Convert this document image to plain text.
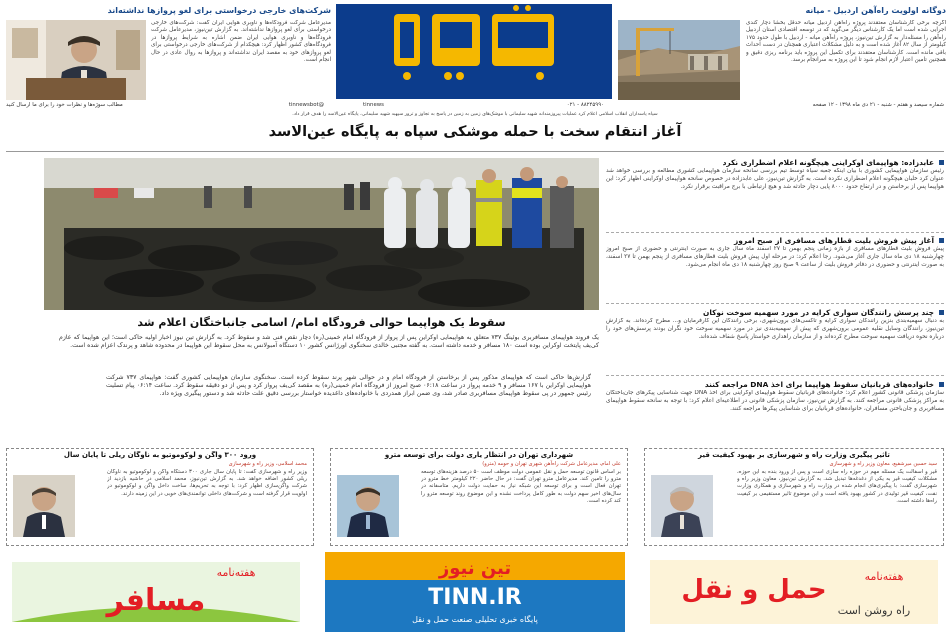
دوگانه اولویت راه‌آهن اردبیل - میانه
اگرچه برخی کارشناسان معتقدند پروژه راه‌آهن اردبیل میانه حدقل بخشا دچار کندی اجرایی شده است اما یک کارشناس دیگر می‌گوید که در توسعه اقتصادی استان اردبیل راه‌آهن را مسئله‌دار به گزارش تین‌نیوز، پروژه راه‌آهن میانه - اردبیل با طول حدود ۱۷۵ کیلومتر از سال ۸۲ آغاز شده است و به دلیل مشکلات اعتباری همچنان در دست احداث باقی مانده است. کارشناسان معتقدند برای تکمیل این پروژه باید برنامه ریزی دقیق و همچنین تامین اعتبار لازم انجام شود تا این پروژه به سرانجام برسد.
شرکت‌های خارجی درخواستی برای لغو پروازها نداشته‌اند
مدیرعامل شرکت فرودگاه‌ها و ناوبری هوایی ایران گفت: شرکت‌های خارجی درخواستی برای لغو پروازها نداشته‌اند. به گزارش تین‌نیوز، مدیرعامل شرکت فرودگاه‌ها و ناوبری هوایی ایران ضمن اشاره به شرایط پروازها در فرودگاه‌های کشور اظهار کرد: هیچکدام از شرکت‌های خارجی درخواستی برای لغو پروازهای خود به مقصد ایران نداشته‌اند و پروازها به روال عادی در حال انجام است.
شماره سیصد و هفتم - شنبه - ۲۱ دی ماه ۱۳۹۸ - ۱۲ صفحه
۸۸۲۴۵۹۹۰ - ۰۲۱
tinnews
@tinnewsbot
مطالب سوژه‌ها و نظرات خود را برای ما ارسال کنید
سپاه پاسداران انقلاب اسلامی اعلام کرد عملیات پیروزمندانه شهید سلیمانی با موشک‌های زمین به زمین در پاسخ به تجاوز و ترور سپهبد شهید سلیمانی، پایگاه عین‌الاسد را هدف قرار داد.
آغاز انتقام سخت با حمله موشکی سپاه به پایگاه عین‌الاسد
سقوط یک هواپیما حوالی فرودگاه امام/ اسامی جانباختگان اعلام شد
یک فروند هواپیمای مسافربری بوئینگ ۷۳۷ متعلق به هواپیمایی اوکراین پس از پرواز از فرودگاه امام خمینی(ره) دچار نقص فنی شد و سقوط کرد. به گزارش تین نیوز اخبار اولیه حاکی است؛ این هواپیما که عازم کی‌یف پایتخت اوکراین بوده است ۱۸۰ مسافر و خدمه داشته است. به گفته مجتبی خالدی سخنگوی اورژانس کشور ۱۰ دستگاه آمبولانس به محل سقوط این هواپیما در محدوده شاهد و پرندک اعزام شده است.
گزارش‌ها حاکی است که هواپیمای مذکور پس از برخاستن از فرودگاه امام و در حوالی شهر پرند سقوط کرده است. سخنگوی سازمان هواپیمایی کشوری گفت: هواپیمای ۷۳۷ شرکت هواپیمایی اوکراین با ۱۶۷ مسافر و ۹ خدمه پرواز در ساعت ۰۶:۱۸ صبح امروز از فرودگاه امام خمینی(ره) به مقصد کی‌یف پرواز کرد و پس از دو دقیقه سقوط کرد. ساعت ۰۶:۱۴ پیام تسلیت رئیس جمهور در پی سقوط هواپیمای مسافربری صادر شد، وی ضمن ابراز همدردی با خانواده‌های داغدیده خواستار بررسی دقیق علت حادثه شد و دستور پیگیری ویژه داد.
عابدزاده: هواپیمای اوکراینی هیچگونه اعلام اضطراری نکرد
رئیس سازمان هواپیمایی کشوری با بیان اینکه جعبه سیاه توسط تیم بررسی سانحه سازمان هواپیمایی کشوری مطالعه و بررسی خواهد شد عنوان کرد خلبان هیچگونه اعلام اضطراری نکرده است. به گزارش تین‌نیوز، علی عابدزاده در خصوص سانحه هواپیمای اوکراینی اظهار کرد: این هواپیما پس از برخاستن و در ارتفاع حدود ۸۰۰۰ پایی دچار حادثه شد و هیچ ارتباطی با برج مراقبت برقرار نکرد.
آغاز پیش فروش بلیت قطارهای مسافری از صبح امروز
پیش فروش بلیت قطارهای مسافری از بازه زمانی پنجم بهمن تا ۲۷ اسفند ماه سال جاری به صورت اینترنتی و حضوری از صبح امروز چهارشنبه ۱۸ دی ماه سال جاری آغاز می‌شود. رجا اعلام کرد: در مرحله اول پیش فروش بلیت قطارهای مسافری از پنجم بهمن تا ۲۷ اسفند، به صورت اینترنتی و حضوری در دفاتر فروش بلیت از ساعت ۹ صبح روز چهارشنبه ۱۸ دی ماه انجام می‌شود.
چند پرسش رانندگان سواری کرایه در مورد سهمیه سوخت نوکان
به دنبال سهمیه‌بندی بنزین رانندگان سواری کرایه و تاکسی‌های برون‌شهری، برخی رانندگان این کارفرمایان و... مطرح کرده‌اند. به گزارش تین‌نیوز، رانندگان وسایل نقلیه عمومی برون‌شهری که پیش از سهمیه‌بندی نیز در مورد سهمیه سوخت خود نگران بودند پرسش‌های خود را درباره نحوه دریافت سهمیه سوخت مطرح کرده‌اند و از سازمان راهداری خواستار پاسخ شفاف شده‌اند.
خانواده‌های قربانیان سقوط هواپیما برای اخذ DNA مراجعه کنند
سازمان پزشکی قانونی کشور اعلام کرد: خانواده‌های قربانیان سقوط هواپیمای اوکراینی برای اخذ DNA جهت شناسایی پیکرهای جان‌باختگان به مراکز پزشکی قانونی مراجعه کنند. به گزارش تین‌نیوز، سازمان پزشکی قانونی در اطلاعیه‌ای اعلام کرد: با توجه به سانحه سقوط هواپیمای مسافربری و جان‌باختن مسافران، خانواده‌های قربانیان برای شناسایی پیکرها مراجعه کنند.
تاثیر پیگیری وزارت راه و شهرسازی بر بهبود کیفیت قیر
سید حسین میرشفیع، معاون وزیر راه و شهرسازی
قیر و آسفالت یک مسئله مهم در حوزه راه سازی است و پس از ورود بنده به این حوزه، مشکلات کیفیت قیر به یکی از دغدغه‌ها تبدیل شد. به گزارش تین‌نیوز، معاون وزیر راه و شهرسازی گفت: با پیگیری‌های انجام شده در وزارت راه و شهرسازی و همکاری وزارت نفت، کیفیت قیر تولیدی در کشور بهبود یافته است و این موضوع تاثیر مستقیمی بر کیفیت راه‌ها داشته است.
شهرداری تهران در انتظار یاری دولت برای توسعه مترو
علی امام، مدیرعامل شرکت راه‌آهن شهری تهران و حومه (مترو)
بر اساس قانون توسعه حمل و نقل عمومی دولت موظف است ۵۰ درصد هزینه‌های توسعه مترو را تامین کند. مدیرعامل مترو تهران گفت: در حال حاضر ۲۲۰ کیلومتر خط مترو در تهران فعال است و برای توسعه این شبکه نیاز به حمایت دولت داریم. متاسفانه در سال‌های اخیر سهم دولت به طور کامل پرداخت نشده و این موضوع روند توسعه مترو را کند کرده است.
ورود ۳۰۰ واگن و لوکوموتیو به ناوگان ریلی تا پایان سال
محمد اسلامی، وزیر راه و شهرسازی
وزیر راه و شهرسازی گفت: تا پایان سال جاری ۳۰۰ دستگاه واگن و لوکوموتیو به ناوگان ریلی کشور اضافه خواهد شد. به گزارش تین‌نیوز، محمد اسلامی در حاشیه بازدید از شرکت واگن‌سازی اظهار کرد: با توجه به تحریم‌ها، ساخت داخل واگن و لوکوموتیو در اولویت قرار گرفته است و شرکت‌های داخلی توانمندی‌های خوبی در این زمینه دارند.
هفته‌نامه
مسافر
تین نیوز
TINN.IR
پایگاه خبری تحلیلی صنعت حمل و نقل
هفته‌نامه
حمل و نقل
راه روشن است
